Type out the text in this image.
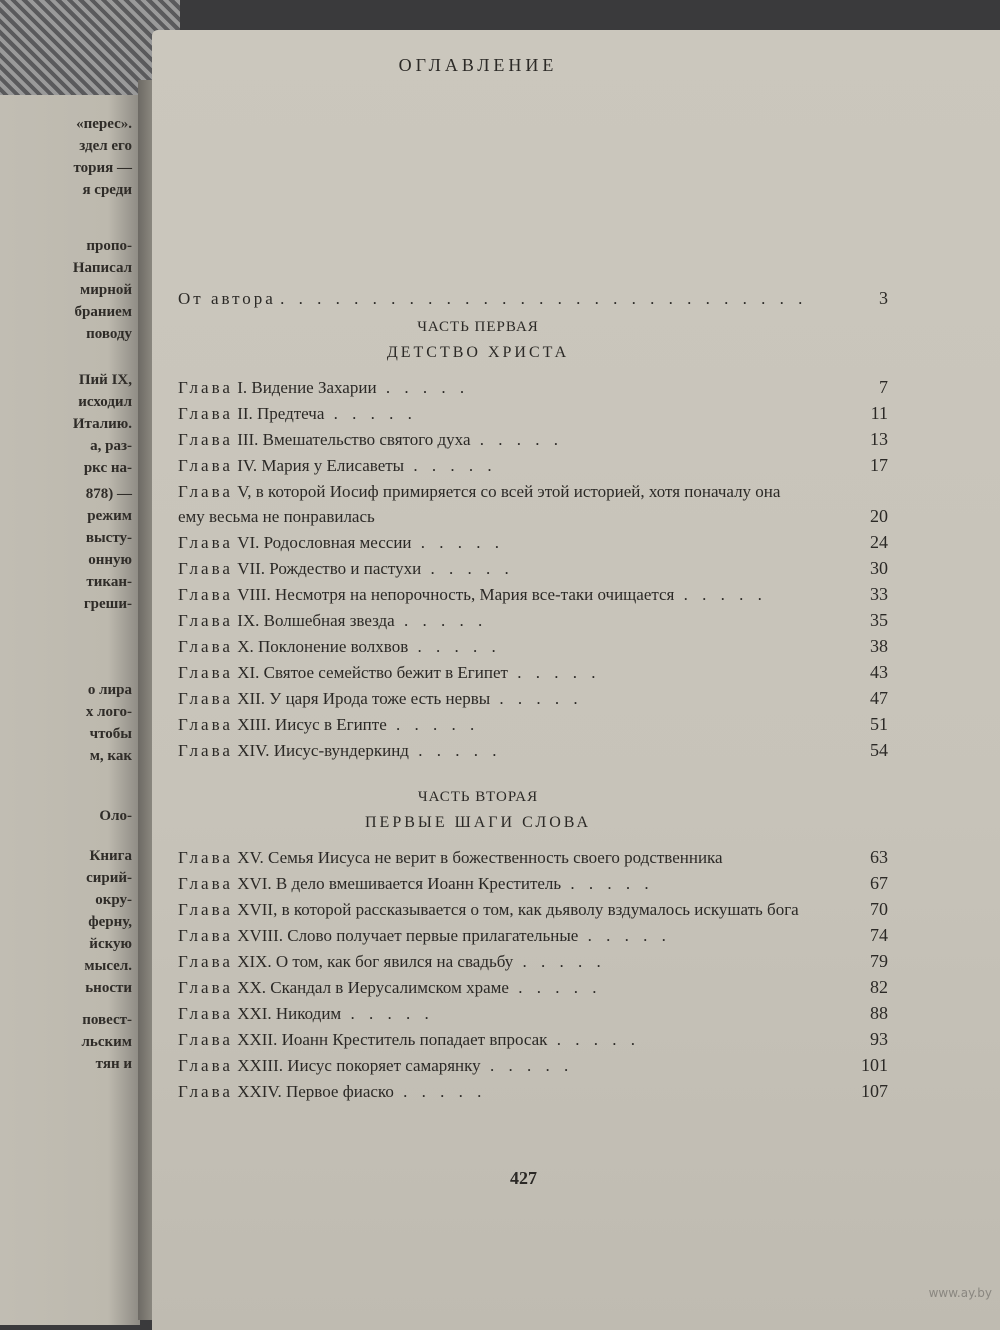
«перес».
здел его
тория —
я среди
пропо-
Написал
мирной
бранием
поводу
Пий IX,
исходил
Италию.
а, раз-
ркс на-
878) —
режим
высту-
онную
тикан-
греши-
о лира
х лого-
чтобы
м, как
Оло-
Книга
сирий-
окру-
ферну,
йскую
мысел.
ьности
повест-
льским
тян и
ОГЛАВЛЕНИЕ
От автора . . . . . . . . . . . . . . . . . . . . . . . . . . . . .	3
ЧАСТЬ ПЕРВАЯ
ДЕТСТВО ХРИСТА
Глава I. Видение Захарии . . . . .	7
Глава II. Предтеча . . . . .	11
Глава III. Вмешательство святого духа . . . . .	13
Глава IV. Мария у Елисаветы . . . . .	17
Глава V, в которой Иосиф примиряется со всей этой историей, хотя поначалу она ему весьма не понравилась	20
Глава VI. Родословная мессии . . . . .	24
Глава VII. Рождество и пастухи . . . . .	30
Глава VIII. Несмотря на непорочность, Мария все-таки очищается . . . . .	33
Глава IX. Волшебная звезда . . . . .	35
Глава X. Поклонение волхвов . . . . .	38
Глава XI. Святое семейство бежит в Египет . . . . .	43
Глава XII. У царя Ирода тоже есть нервы . . . . .	47
Глава XIII. Иисус в Египте . . . . .	51
Глава XIV. Иисус-вундеркинд . . . . .	54
ЧАСТЬ ВТОРАЯ
ПЕРВЫЕ ШАГИ СЛОВА
Глава XV. Семья Иисуса не верит в божественность своего родственника	63
Глава XVI. В дело вмешивается Иоанн Креститель . . . . .	67
Глава XVII, в которой рассказывается о том, как дьяволу вздумалось искушать бога	70
Глава XVIII. Слово получает первые прилагательные . . . . .	74
Глава XIX. О том, как бог явился на свадьбу . . . . .	79
Глава XX. Скандал в Иерусалимском храме . . . . .	82
Глава XXI. Никодим . . . . .	88
Глава XXII. Иоанн Креститель попадает впросак . . . . .	93
Глава XXIII. Иисус покоряет самарянку . . . . .	101
Глава XXIV. Первое фиаско . . . . .	107
427
www.ay.by
